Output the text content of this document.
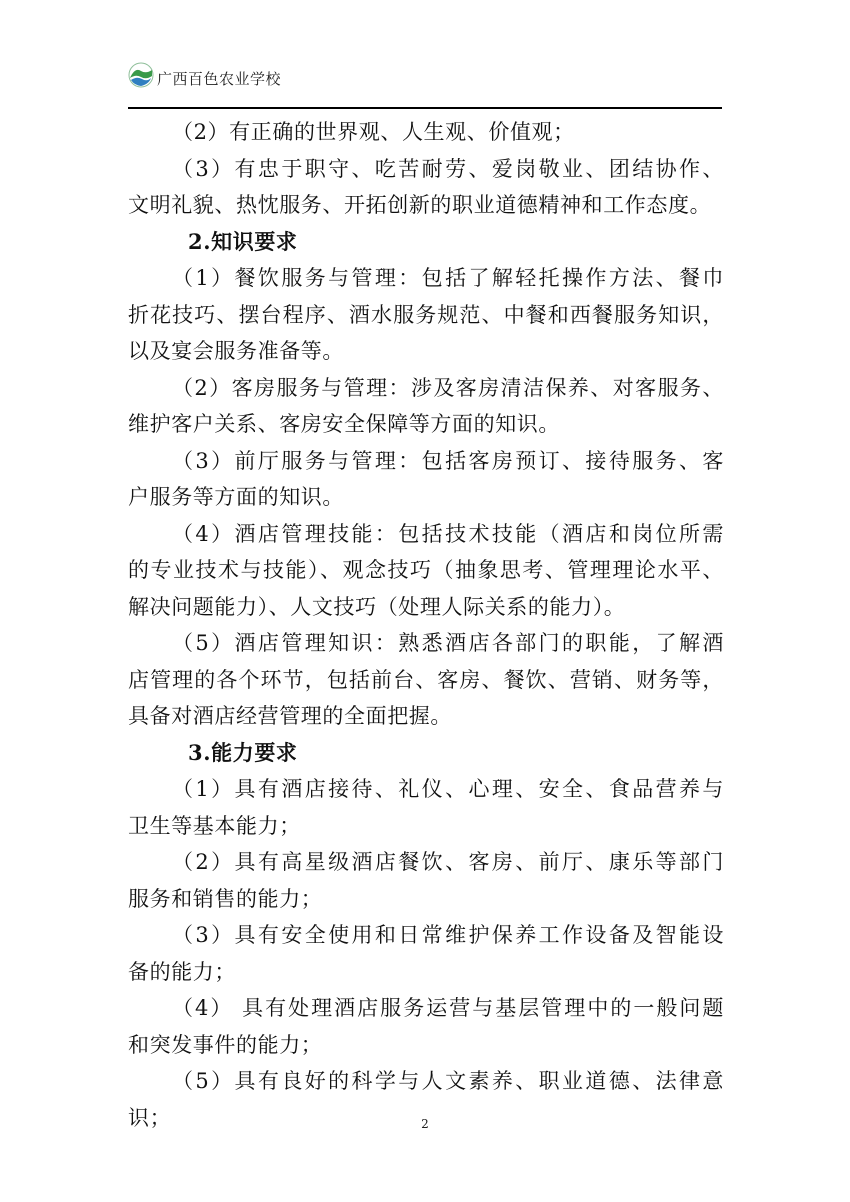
广西百色农业学校
（2）有正确的世界观、人生观、价值观；
（3）有忠于职守、吃苦耐劳、爱岗敬业、团结协作、
文明礼貌、热忱服务、开拓创新的职业道德精神和工作态度。
2.知识要求
（1）餐饮服务与管理：包括了解轻托操作方法、餐巾
折花技巧、摆台程序、酒水服务规范、中餐和西餐服务知识，
以及宴会服务准备等。
（2）客房服务与管理：涉及客房清洁保养、对客服务、
维护客户关系、客房安全保障等方面的知识。
（3）前厅服务与管理：包括客房预订、接待服务、客
户服务等方面的知识。
（4）酒店管理技能：包括技术技能（酒店和岗位所需
的专业技术与技能）、观念技巧（抽象思考、管理理论水平、
解决问题能力）、人文技巧（处理人际关系的能力）。
（5）酒店管理知识：熟悉酒店各部门的职能，了解酒
店管理的各个环节，包括前台、客房、餐饮、营销、财务等，
具备对酒店经营管理的全面把握。
3.能力要求
（1）具有酒店接待、礼仪、心理、安全、食品营养与
卫生等基本能力；
（2）具有高星级酒店餐饮、客房、前厅、康乐等部门
服务和销售的能力；
（3）具有安全使用和日常维护保养工作设备及智能设
备的能力；
（4） 具有处理酒店服务运营与基层管理中的一般问题
和突发事件的能力；
（5）具有良好的科学与人文素养、职业道德、法律意
识；	2
